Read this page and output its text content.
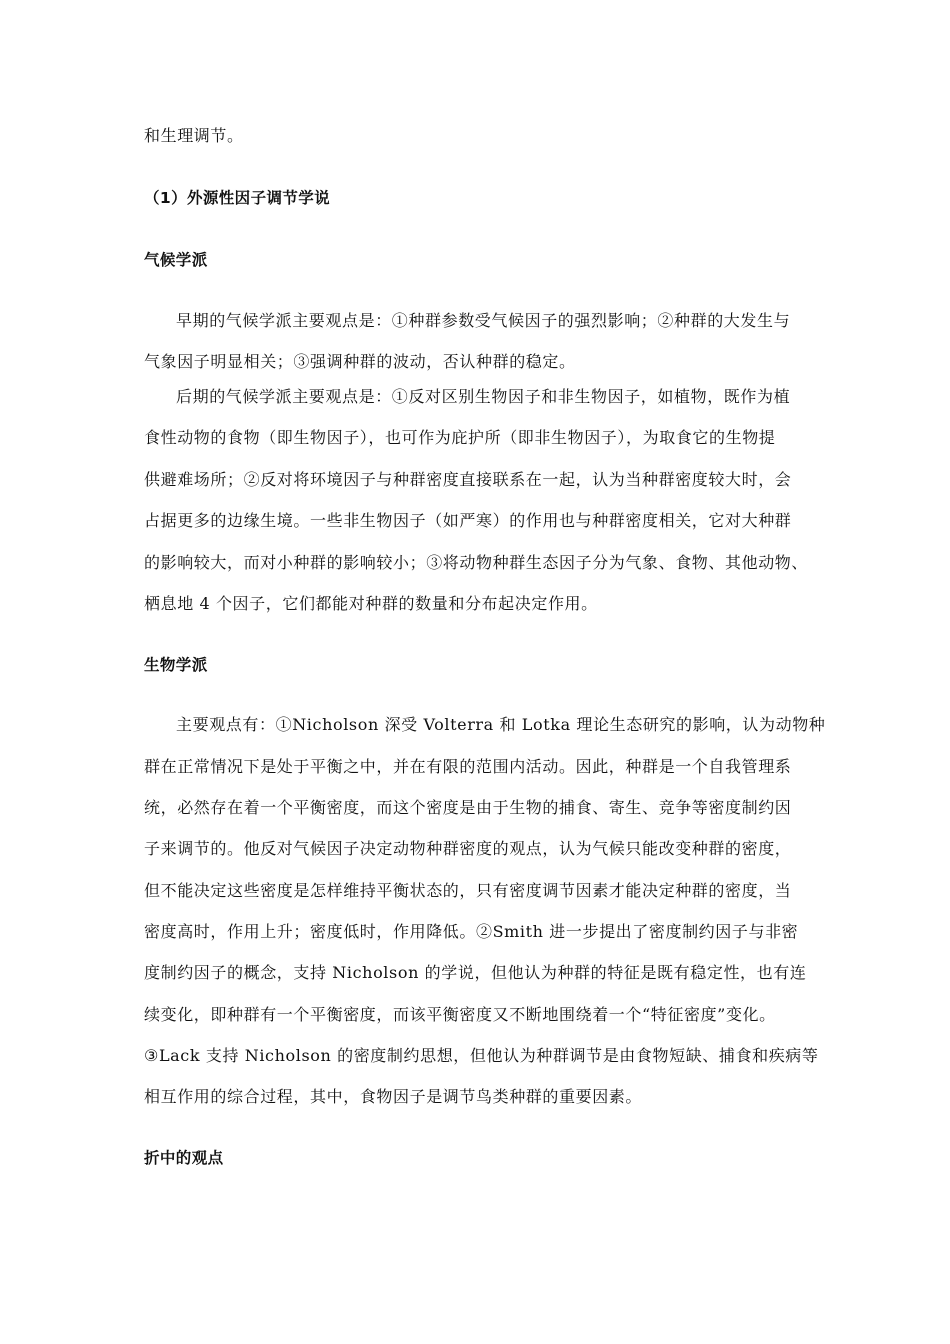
和生理调节。
（1）外源性因子调节学说
气候学派
早期的气候学派主要观点是：①种群参数受气候因子的强烈影响；②种群的大发生与
气象因子明显相关；③强调种群的波动，否认种群的稳定。
后期的气候学派主要观点是：①反对区别生物因子和非生物因子，如植物，既作为植
食性动物的食物（即生物因子），也可作为庇护所（即非生物因子），为取食它的生物提
供避难场所；②反对将环境因子与种群密度直接联系在一起，认为当种群密度较大时，会
占据更多的边缘生境。一些非生物因子（如严寒）的作用也与种群密度相关，它对大种群
的影响较大，而对小种群的影响较小；③将动物种群生态因子分为气象、食物、其他动物、
栖息地 4 个因子，它们都能对种群的数量和分布起决定作用。
生物学派
主要观点有：①Nicholson 深受 Volterra 和 Lotka 理论生态研究的影响，认为动物种
群在正常情况下是处于平衡之中，并在有限的范围内活动。因此，种群是一个自我管理系
统，必然存在着一个平衡密度，而这个密度是由于生物的捕食、寄生、竞争等密度制约因
子来调节的。他反对气候因子决定动物种群密度的观点，认为气候只能改变种群的密度，
但不能决定这些密度是怎样维持平衡状态的，只有密度调节因素才能决定种群的密度，当
密度高时，作用上升；密度低时，作用降低。②Smith 进一步提出了密度制约因子与非密
度制约因子的概念，支持 Nicholson 的学说，但他认为种群的特征是既有稳定性，也有连
续变化，即种群有一个平衡密度，而该平衡密度又不断地围绕着一个“特征密度”变化。
③Lack 支持 Nicholson 的密度制约思想，但他认为种群调节是由食物短缺、捕食和疾病等
相互作用的综合过程，其中，食物因子是调节鸟类种群的重要因素。
折中的观点
